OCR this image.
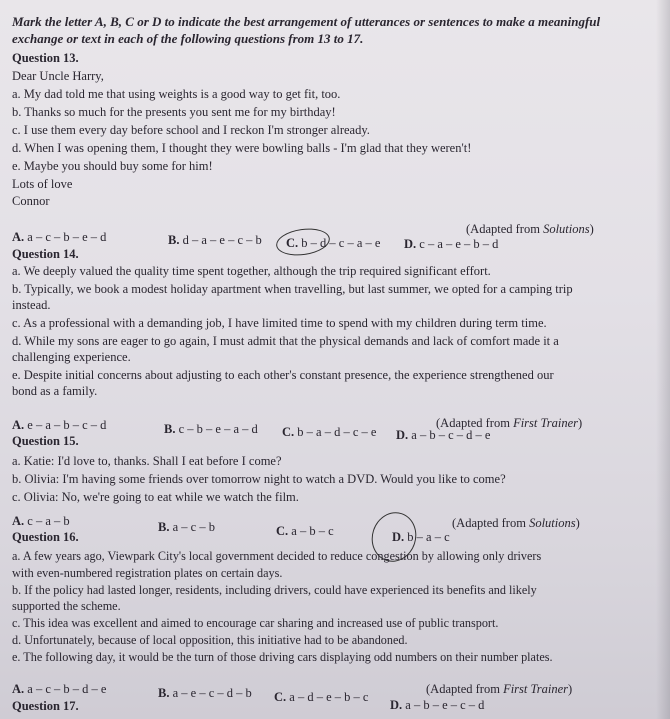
Mark the letter A, B, C or D to indicate the best arrangement of utterances or sentences to make a meaningful
exchange or text in each of the following questions from 13 to 17.
Question 13.
Dear Uncle Harry,
a. My dad told me that using weights is a good way to get fit, too.
b. Thanks so much for the presents you sent me for my birthday!
c. I use them every day before school and I reckon I'm stronger already.
d. When I was opening them, I thought they were bowling balls - I'm glad that they weren't!
e. Maybe you should buy some for him!
Lots of love
Connor
(Adapted from Solutions)
A. a – c – b – e – d	B. d – a – e – c – b C. b – d – c – a – e D. c – a – e – b – d
Question 14.
a. We deeply valued the quality time spent together, although the trip required significant effort.
b. Typically, we book a modest holiday apartment when travelling, but last summer, we opted for a camping trip
instead.
c. As a professional with a demanding job, I have limited time to spend with my children during term time.
d. While my sons are eager to go again, I must admit that the physical demands and lack of comfort made it a
challenging experience.
e. Despite initial concerns about adjusting to each other's constant presence, the experience strengthened our
bond as a family.
(Adapted from First Trainer)
A. e – a – b – c – d	B. c – b – e – a – d C. b – a – d – c – e D. a – b – c – d – e
Question 15.
a. Katie: I'd love to, thanks. Shall I eat before I come?
b. Olivia: I'm having some friends over tomorrow night to watch a DVD. Would you like to come?
c. Olivia: No, we're going to eat while we watch the film.
(Adapted from Solutions)
A. c – a – b	B. a – c – b	C. a – b – c	D. b – a – c
Question 16.
a. A few years ago, Viewpark City's local government decided to reduce congestion by allowing only drivers
with even-numbered registration plates on certain days.
b. If the policy had lasted longer, residents, including drivers, could have experienced its benefits and likely
supported the scheme.
c. This idea was excellent and aimed to encourage car sharing and increased use of public transport.
d. Unfortunately, because of local opposition, this initiative had to be abandoned.
e. The following day, it would be the turn of those driving cars displaying odd numbers on their number plates.
(Adapted from First Trainer)
A. a – c – b – d – e	B. a – e – c – d – b C. a – d – e – b – c
D. a – b – e – c – d
Question 17.
